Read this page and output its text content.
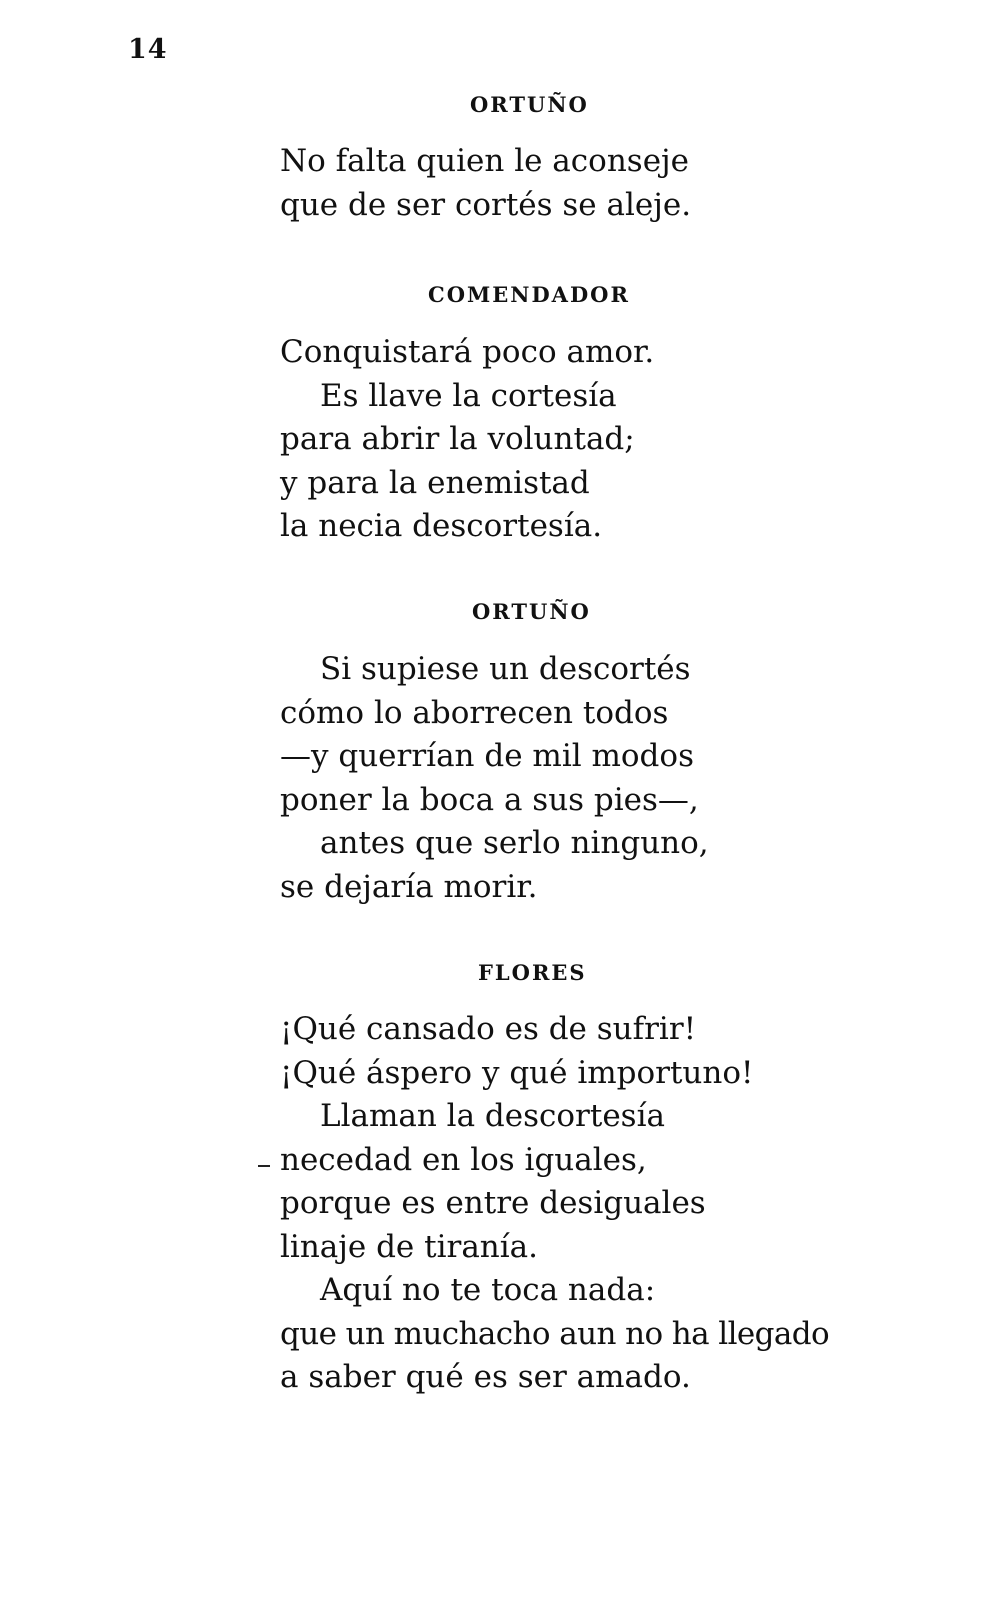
14
ORTUÑO
No falta quien le aconseje
que de ser cortés se aleje.
COMENDADOR
Conquistará poco amor.
Es llave la cortesía
para abrir la voluntad;
y para la enemistad
la necia descortesía.
ORTUÑO
Si supiese un descortés
cómo lo aborrecen todos
—y querrían de mil modos
poner la boca a sus pies—,
antes que serlo ninguno,
se dejaría morir.
FLORES
¡Qué cansado es de sufrir!
¡Qué áspero y qué importuno!
Llaman la descortesía
necedad en los iguales,
porque es entre desiguales
linaje de tiranía.
Aquí no te toca nada:
que un muchacho aun no ha llegado
a saber qué es ser amado.
